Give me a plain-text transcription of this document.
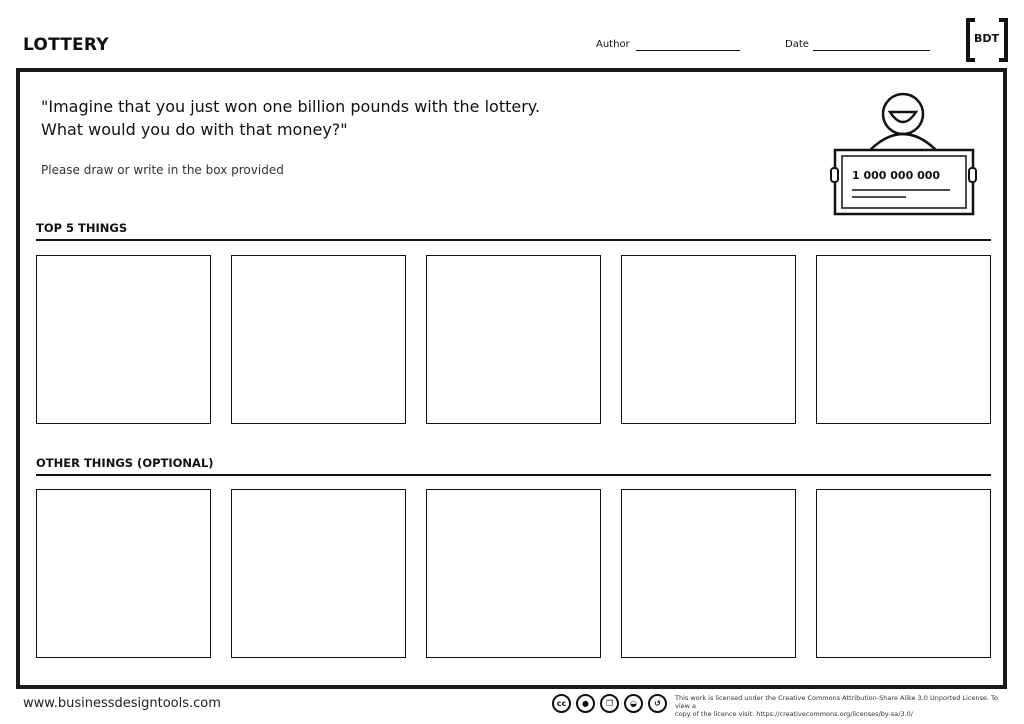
LOTTERY	Author	Date	BDT
"Imagine that you just won one billion pounds with the lottery.
What would you do with that money?"
Please draw or write in the box provided	1 000 000 000
TOP 5 THINGS
OTHER THINGS (OPTIONAL)
www.businessdesigntools.com	cc	●	❐	◒	↺
This work is licensed under the Creative Commons Attribution-Share Alike 3.0 Unported License. To view a
copy of the licence visit: https://creativecommons.org/licenses/by-sa/3.0/
